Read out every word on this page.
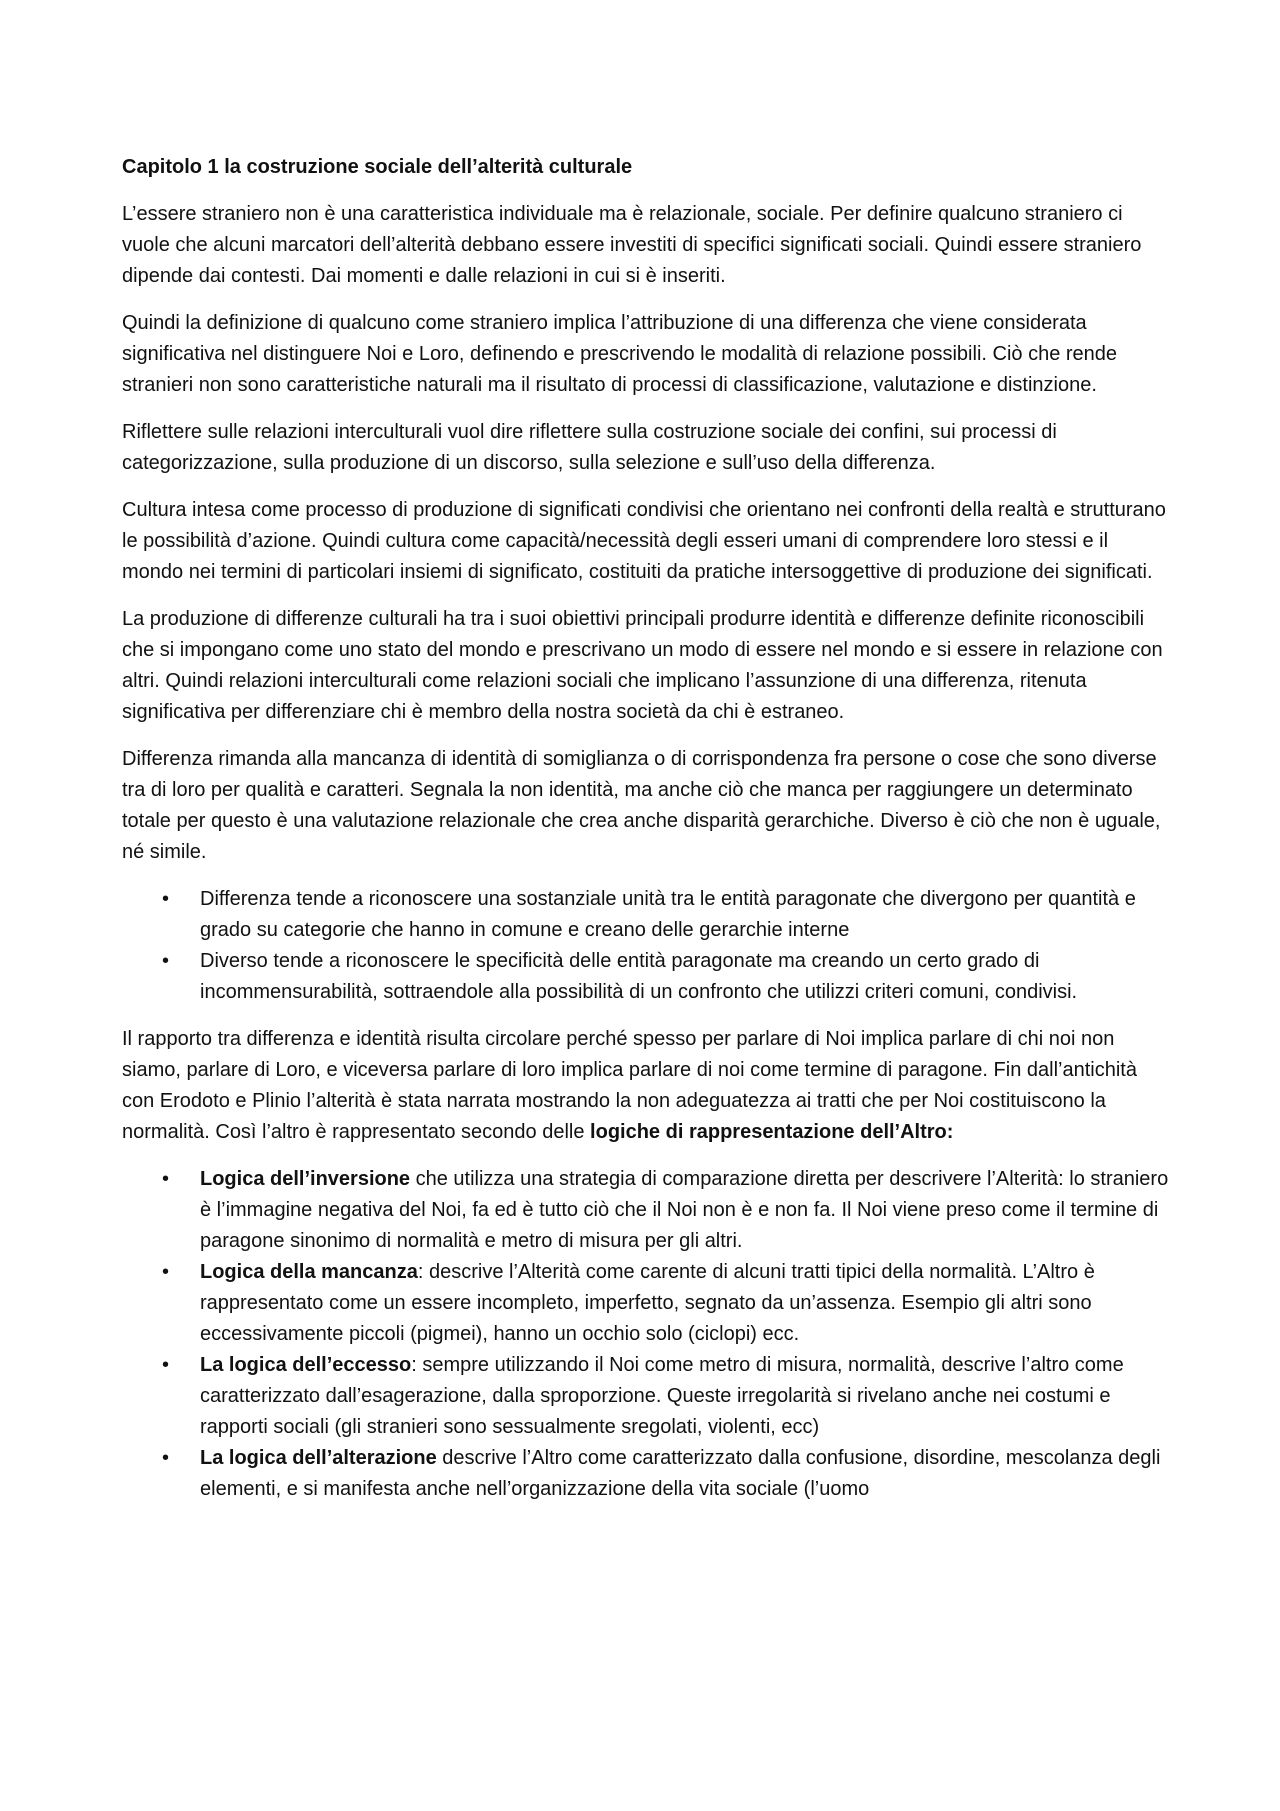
Capitolo 1 la costruzione sociale dell’alterità culturale

L’essere straniero non è una caratteristica individuale ma è relazionale, sociale. Per definire qualcuno straniero ci vuole che alcuni marcatori dell’alterità debbano essere investiti di specifici significati sociali. Quindi essere straniero dipende dai contesti. Dai momenti e dalle relazioni in cui si è inseriti.

Quindi la definizione di qualcuno come straniero implica l’attribuzione di una differenza che viene considerata significativa nel distinguere Noi e Loro, definendo e prescrivendo le modalità di relazione possibili. Ciò che rende stranieri non sono caratteristiche naturali ma il risultato di processi di classificazione, valutazione e distinzione.

Riflettere sulle relazioni interculturali vuol dire riflettere sulla costruzione sociale dei confini, sui processi di categorizzazione, sulla produzione di un discorso, sulla selezione e sull’uso della differenza.

Cultura intesa come processo di produzione di significati condivisi che orientano nei confronti della realtà e strutturano le possibilità d’azione. Quindi cultura come capacità/necessità degli esseri umani di comprendere loro stessi e il mondo nei termini di particolari insiemi di significato, costituiti da pratiche intersoggettive di produzione dei significati.

La produzione di differenze culturali ha tra i suoi obiettivi principali produrre identità e differenze definite riconoscibili che si impongano come uno stato del mondo e prescrivano un modo di essere nel mondo e si essere in relazione con altri. Quindi relazioni interculturali come relazioni sociali che implicano l’assunzione di una differenza, ritenuta significativa per differenziare chi è membro della nostra società da chi è estraneo.

Differenza rimanda alla mancanza di identità di somiglianza o di corrispondenza fra persone o cose che sono diverse tra di loro per qualità e caratteri. Segnala la non identità, ma anche ciò che manca per raggiungere un determinato totale per questo è una valutazione relazionale che crea anche disparità gerarchiche. Diverso è ciò che non è uguale, né simile.

• Differenza tende a riconoscere una sostanziale unità tra le entità paragonate che divergono per quantità e grado su categorie che hanno in comune e creano delle gerarchie interne
• Diverso tende a riconoscere le specificità delle entità paragonate ma creando un certo grado di incommensurabilità, sottraendole alla possibilità di un confronto che utilizzi criteri comuni, condivisi.

Il rapporto tra differenza e identità risulta circolare perché spesso per parlare di Noi implica parlare di chi noi non siamo, parlare di Loro, e viceversa parlare di loro implica parlare di noi come termine di paragone. Fin dall’antichità con Erodoto e Plinio l’alterità è stata narrata mostrando la non adeguatezza ai tratti che per Noi costituiscono la normalità. Così l’altro è rappresentato secondo delle logiche di rappresentazione dell’Altro:

• Logica dell’inversione che utilizza una strategia di comparazione diretta per descrivere l’Alterità: lo straniero è l’immagine negativa del Noi, fa ed è tutto ciò che il Noi non è e non fa. Il Noi viene preso come il termine di paragone sinonimo di normalità e metro di misura per gli altri.
• Logica della mancanza: descrive l’Alterità come carente di alcuni tratti tipici della normalità. L’Altro è rappresentato come un essere incompleto, imperfetto, segnato da un’assenza. Esempio gli altri sono eccessivamente piccoli (pigmei), hanno un occhio solo (ciclopi) ecc.
• La logica dell’eccesso: sempre utilizzando il Noi come metro di misura, normalità, descrive l’altro come caratterizzato dall’esagerazione, dalla sproporzione. Queste irregolarità si rivelano anche nei costumi e rapporti sociali (gli stranieri sono sessualmente sregolati, violenti, ecc)
• La logica dell’alterazione descrive l’Altro come caratterizzato dalla confusione, disordine, mescolanza degli elementi, e si manifesta anche nell’organizzazione della vita sociale (l’uomo
